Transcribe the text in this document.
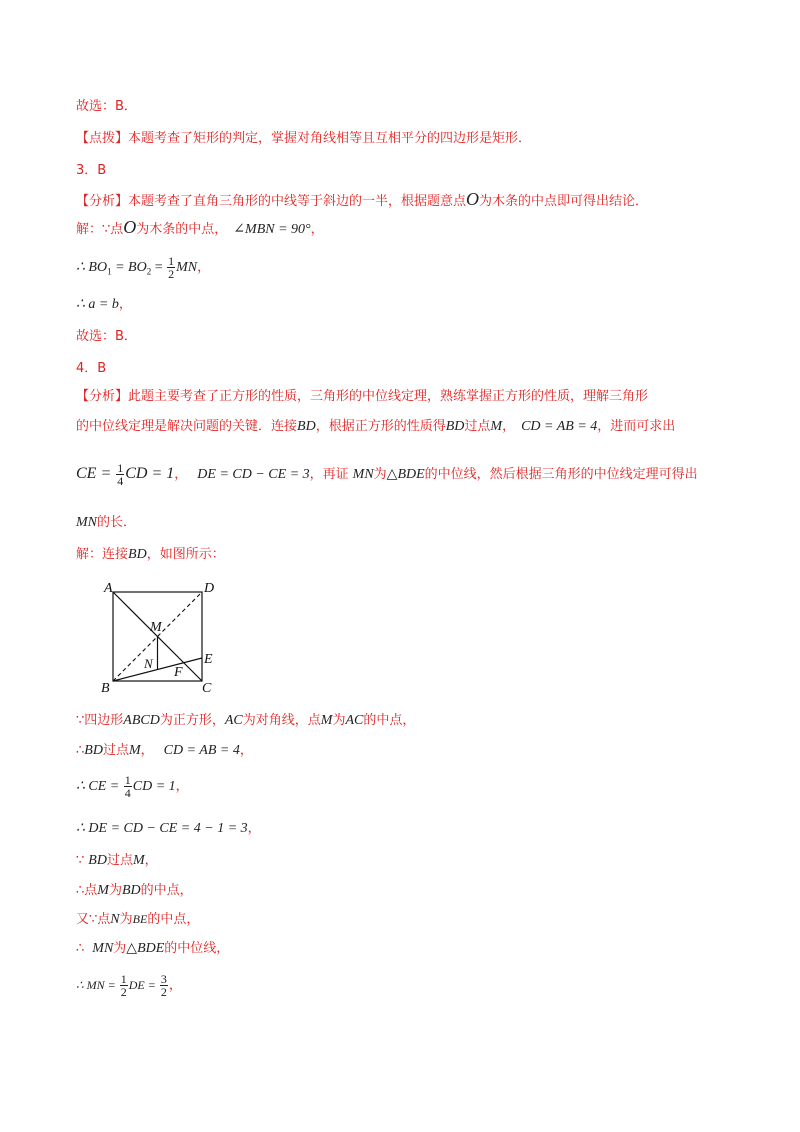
故选：B．
【点拨】本题考查了矩形的判定，掌握对角线相等且互相平分的四边形是矩形．
3．B
【分析】本题考查了直角三角形的中线等于斜边的一半，根据题意点O为木条的中点即可得出结论．
解：∵点O为木条的中点， ∠MBN = 90°，
∴ $BO_1 = BO_2 = \frac{1}{2}$ MN，
∴ a = b，
故选：B．
4．B
【分析】此题主要考查了正方形的性质，三角形的中位线定理，熟练掌握正方形的性质，理解三角形
的中位线定理是解决问题的关键．连接BD，根据正方形的性质得BD过点M， CD = AB = 4，进而可求出
CE = $\frac{1}{4}$ CD = 1， DE = CD − CE = 3，再证 MN为△BDE的中位线，然后根据三角形的中位线定理可得出
MN的长．
解：连接BD，如图所示：
A	D
B	C
E
F
M
N
∵四边形ABCD为正方形，AC为对角线，点M为AC的中点，
∴BD过点M， CD = AB = 4，
∴ CE = $\frac{1}{4}$ CD = 1，
∴ DE = CD − CE = 4 − 1 = 3，
∵ BD过点M，
∴点M为BD的中点，
又∵点N为BE的中点，
∴ MN为△BDE的中位线，
∴ MN = $\frac{1}{2}$ DE = $\frac{3}{2}$ ，
